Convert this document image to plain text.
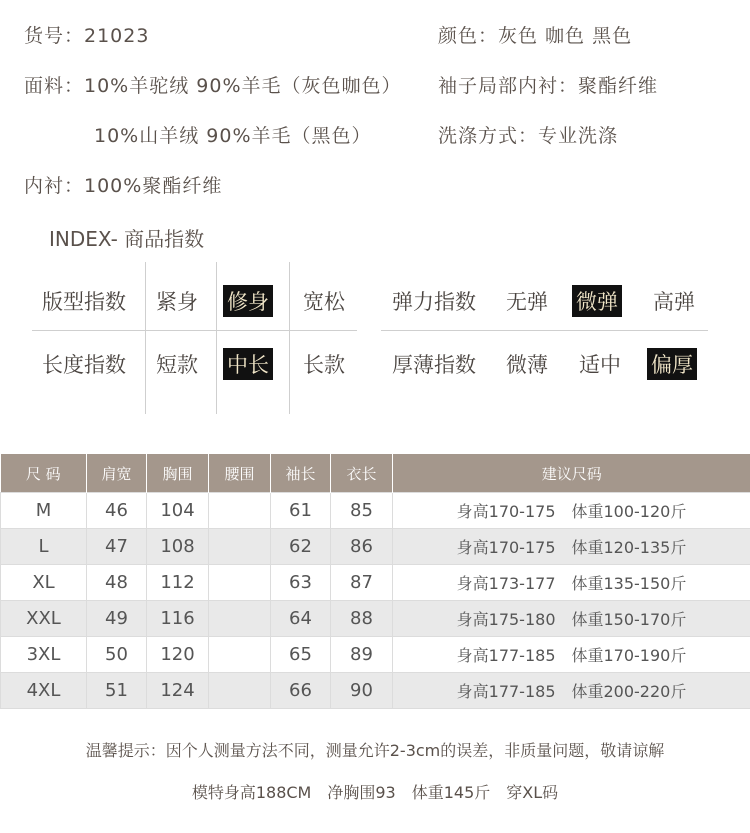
货号：21023	颜色：灰色 咖色 黑色
面料：10%羊驼绒 90%羊毛（灰色咖色） 袖子局部内衬：聚酯纤维
10%山羊绒 90%羊毛（黑色）	洗涤方式：专业洗涤
内衬：100%聚酯纤维
INDEX- 商品指数
版型指数 紧身 修身 宽松 弹力指数 无弹 微弹 高弹
长度指数 短款 中长 长款 厚薄指数 微薄 适中 偏厚
尺 码	肩宽	胸围	腰围	袖长	衣长	建议尺码
M	46	104		61	85	身高170-175　体重100-120斤
L	47	108		62	86	身高170-175　体重120-135斤
XL	48	112		63	87	身高173-177　体重135-150斤
XXL	49	116		64	88	身高175-180　体重150-170斤
3XL	50	120		65	89	身高177-185　体重170-190斤
4XL	51	124		66	90	身高177-185　体重200-220斤
温馨提示：因个人测量方法不同，测量允许2-3cm的误差，非质量问题，敬请谅解
模特身高188CM　净胸围93　体重145斤　穿XL码
